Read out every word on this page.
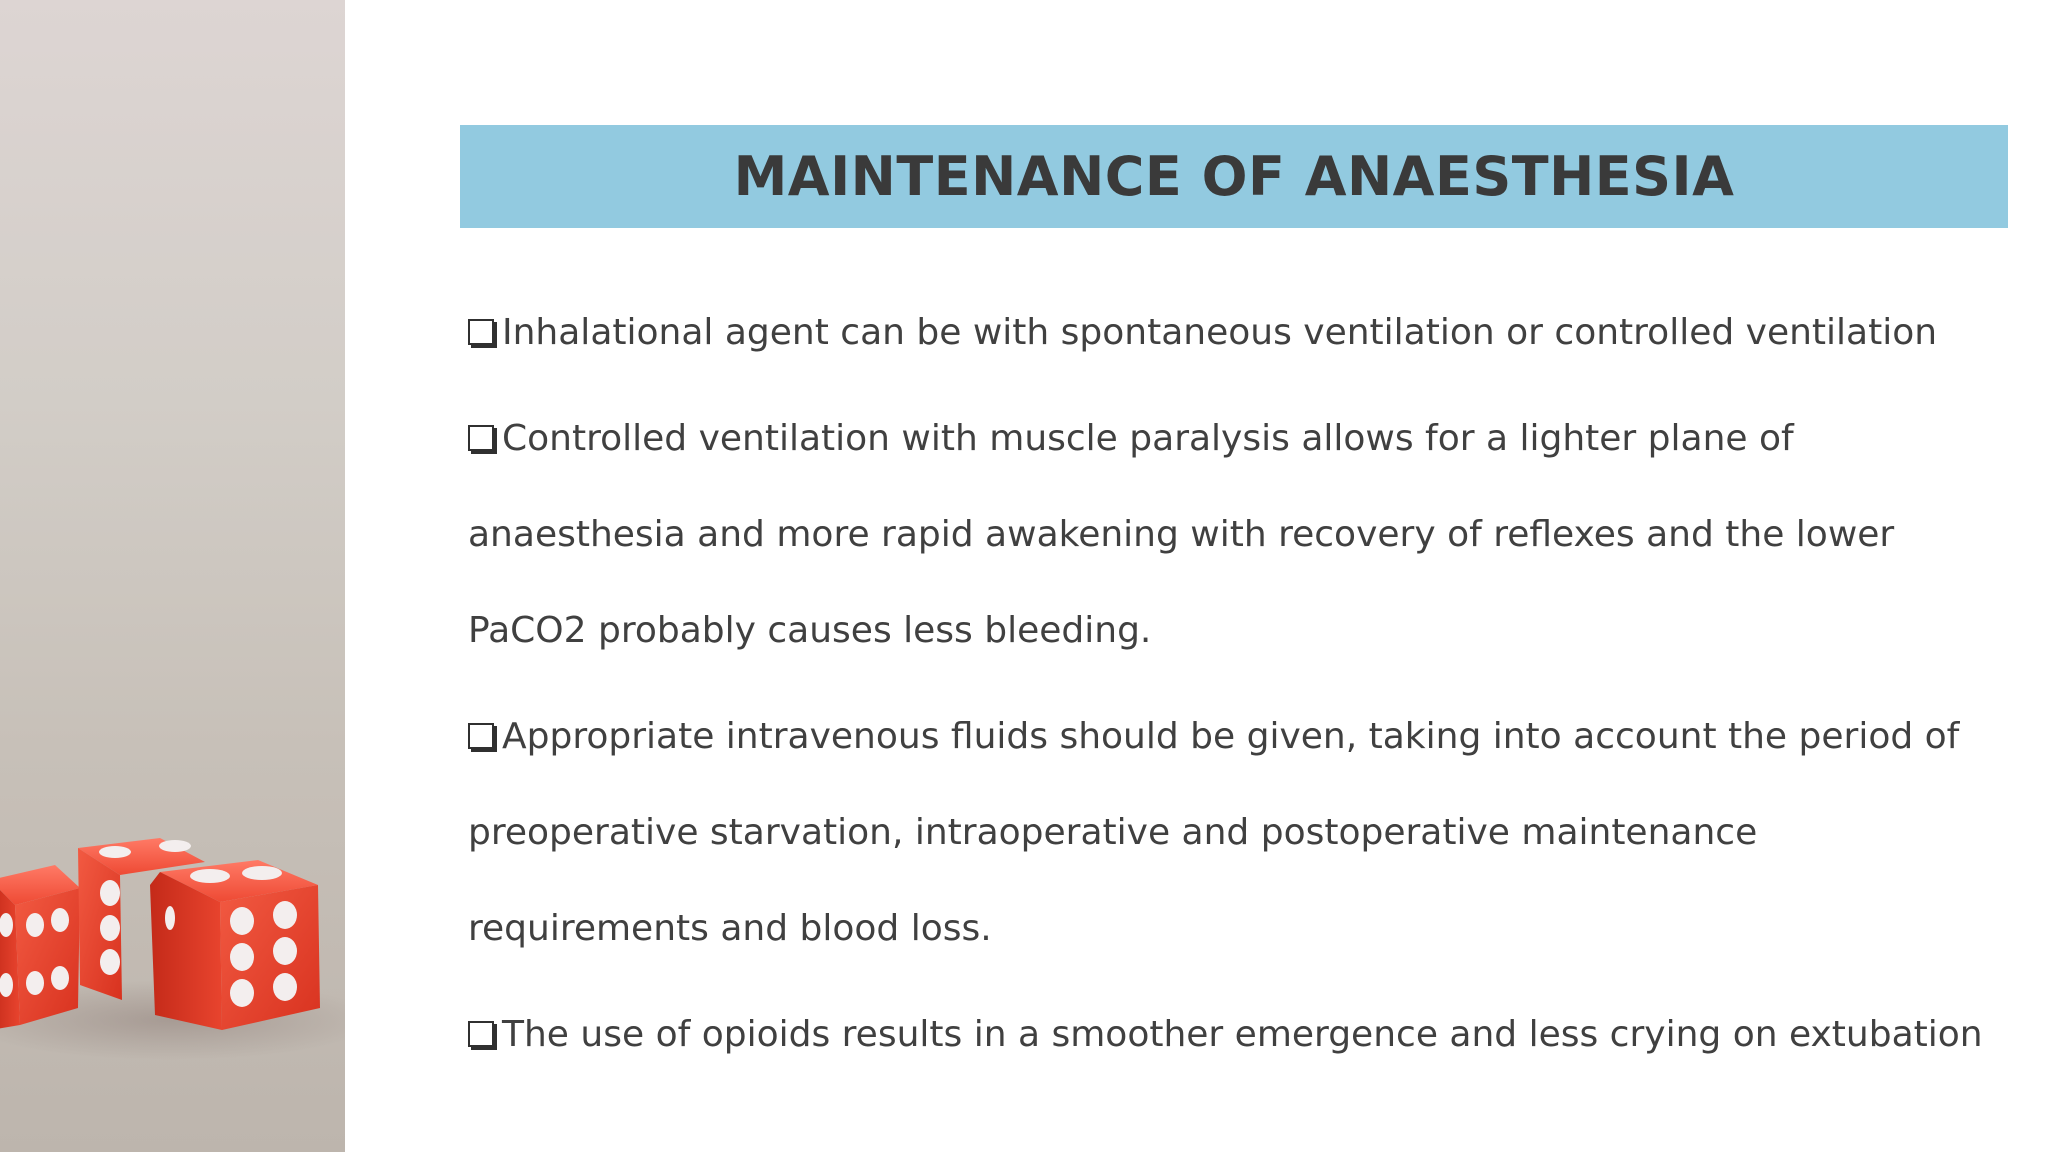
MAINTENANCE OF ANAESTHESIA

Inhalational agent can be with spontaneous ventilation or controlled ventilation

Controlled ventilation with muscle paralysis allows for a lighter plane of anaesthesia and more rapid awakening with recovery of reflexes and the lower PaCO2 probably causes less bleeding.

Appropriate intravenous fluids should be given, taking into account the period of preoperative starvation, intraoperative and postoperative maintenance requirements and blood loss.

The use of opioids results in a smoother emergence and less crying on extubation
